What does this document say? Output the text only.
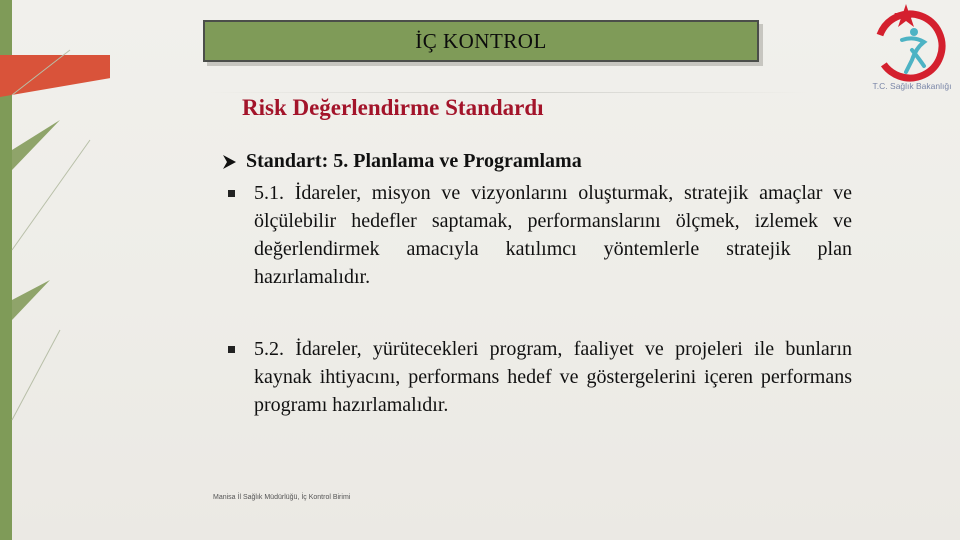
İÇ KONTROL
Risk Değerlendirme Standardı
Standart: 5. Planlama ve Programlama
5.1. İdareler, misyon ve vizyonlarını oluşturmak, stratejik amaçlar ve ölçülebilir hedefler saptamak, performanslarını ölçmek, izlemek ve değerlendirmek amacıyla katılımcı yöntemlerle stratejik plan hazırlamalıdır.
5.2. İdareler, yürütecekleri program, faaliyet ve projeleri ile bunların kaynak ihtiyacını, performans hedef ve göstergelerini içeren performans programı hazırlamalıdır.
Manisa İl Sağlık Müdürlüğü, İç Kontrol Birimi
T.C. Sağlık Bakanlığı
